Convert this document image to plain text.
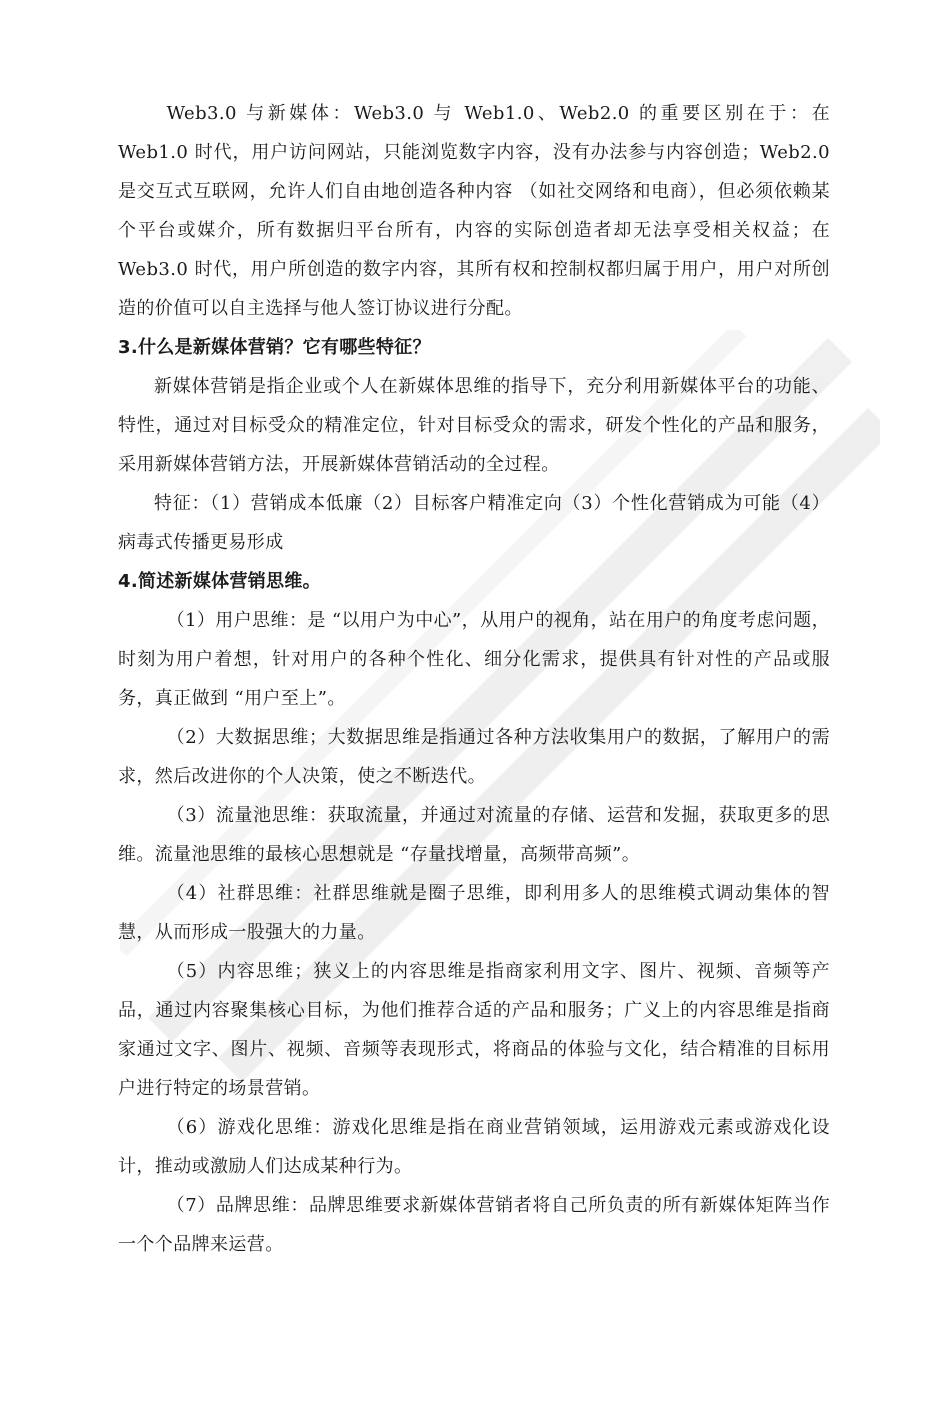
Web3.0 与新媒体：Web3.0 与 Web1.0、Web2.0 的重要区别在于：在 Web1.0 时代，用户访问网站，只能浏览数字内容，没有办法参与内容创造；Web2.0 是交互式互联网，允许人们自由地创造各种内容 （如社交网络和电商），但必须依赖某个平台或媒介，所有数据归平台所有，内容的实际创造者却无法享受相关权益；在 Web3.0 时代，用户所创造的数字内容，其所有权和控制权都归属于用户，用户对所创造的价值可以自主选择与他人签订协议进行分配。

3.什么是新媒体营销？它有哪些特征？

新媒体营销是指企业或个人在新媒体思维的指导下，充分利用新媒体平台的功能、特性，通过对目标受众的精准定位，针对目标受众的需求，研发个性化的产品和服务，采用新媒体营销方法，开展新媒体营销活动的全过程。

特征：（1）营销成本低廉（2）目标客户精准定向（3）个性化营销成为可能（4）病毒式传播更易形成

4.简述新媒体营销思维。

（1）用户思维：是 “以用户为中心”，从用户的视角，站在用户的角度考虑问题，时刻为用户着想，针对用户的各种个性化、细分化需求，提供具有针对性的产品或服务，真正做到 “用户至上”。

（2）大数据思维；大数据思维是指通过各种方法收集用户的数据，了解用户的需求，然后改进你的个人决策，使之不断迭代。

（3）流量池思维：获取流量，并通过对流量的存储、运营和发掘，获取更多的思维。流量池思维的最核心思想就是 “存量找增量，高频带高频”。

（4）社群思维：社群思维就是圈子思维，即利用多人的思维模式调动集体的智慧，从而形成一股强大的力量。

（5）内容思维；狭义上的内容思维是指商家利用文字、图片、视频、音频等产品，通过内容聚集核心目标，为他们推荐合适的产品和服务；广义上的内容思维是指商家通过文字、图片、视频、音频等表现形式，将商品的体验与文化，结合精准的目标用户进行特定的场景营销。

（6）游戏化思维：游戏化思维是指在商业营销领域，运用游戏元素或游戏化设计，推动或激励人们达成某种行为。

（7）品牌思维：品牌思维要求新媒体营销者将自己所负责的所有新媒体矩阵当作一个个品牌来运营。
